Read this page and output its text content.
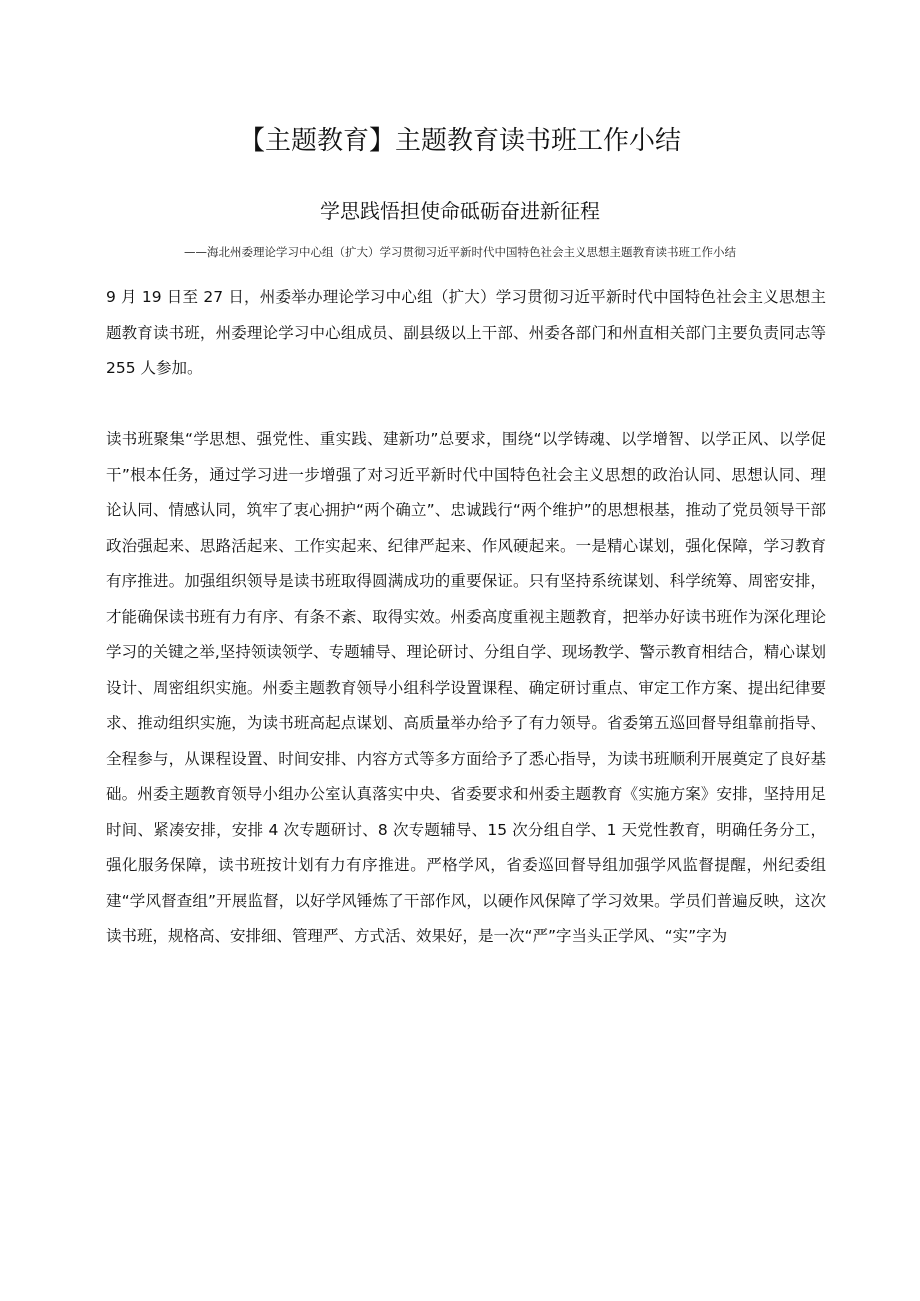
【主题教育】主题教育读书班工作小结
学思践悟担使命砥砺奋进新征程
——海北州委理论学习中心组（扩大）学习贯彻习近平新时代中国特色社会主义思想主题教育读书班工作小结
9 月 19 日至 27 日，州委举办理论学习中心组（扩大）学习贯彻习近平新时代中国特色社会主义思想主题教育读书班，州委理论学习中心组成员、副县级以上干部、州委各部门和州直相关部门主要负责同志等 255 人参加。
读书班聚集“学思想、强党性、重实践、建新功”总要求，围绕“以学铸魂、以学增智、以学正风、以学促干”根本任务，通过学习进一步增强了对习近平新时代中国特色社会主义思想的政治认同、思想认同、理论认同、情感认同，筑牢了衷心拥护“两个确立”、忠诚践行“两个维护”的思想根基，推动了党员领导干部政治强起来、思路活起来、工作实起来、纪律严起来、作风硬起来。一是精心谋划，强化保障，学习教育有序推进。加强组织领导是读书班取得圆满成功的重要保证。只有坚持系统谋划、科学统筹、周密安排，才能确保读书班有力有序、有条不紊、取得实效。州委高度重视主题教育，把举办好读书班作为深化理论学习的关键之举,坚持领读领学、专题辅导、理论研讨、分组自学、现场教学、警示教育相结合，精心谋划设计、周密组织实施。州委主题教育领导小组科学设置课程、确定研讨重点、审定工作方案、提出纪律要求、推动组织实施，为读书班高起点谋划、高质量举办给予了有力领导。省委第五巡回督导组靠前指导、全程参与，从课程设置、时间安排、内容方式等多方面给予了悉心指导，为读书班顺利开展奠定了良好基础。州委主题教育领导小组办公室认真落实中央、省委要求和州委主题教育《实施方案》安排，坚持用足时间、紧凑安排，安排 4 次专题研讨、8 次专题辅导、15 次分组自学、1 天党性教育，明确任务分工，强化服务保障，读书班按计划有力有序推进。严格学风，省委巡回督导组加强学风监督提醒，州纪委组建“学风督查组”开展监督，以好学风锤炼了干部作风，以硬作风保障了学习效果。学员们普遍反映，这次读书班，规格高、安排细、管理严、方式活、效果好，是一次“严”字当头正学风、“实”字为
